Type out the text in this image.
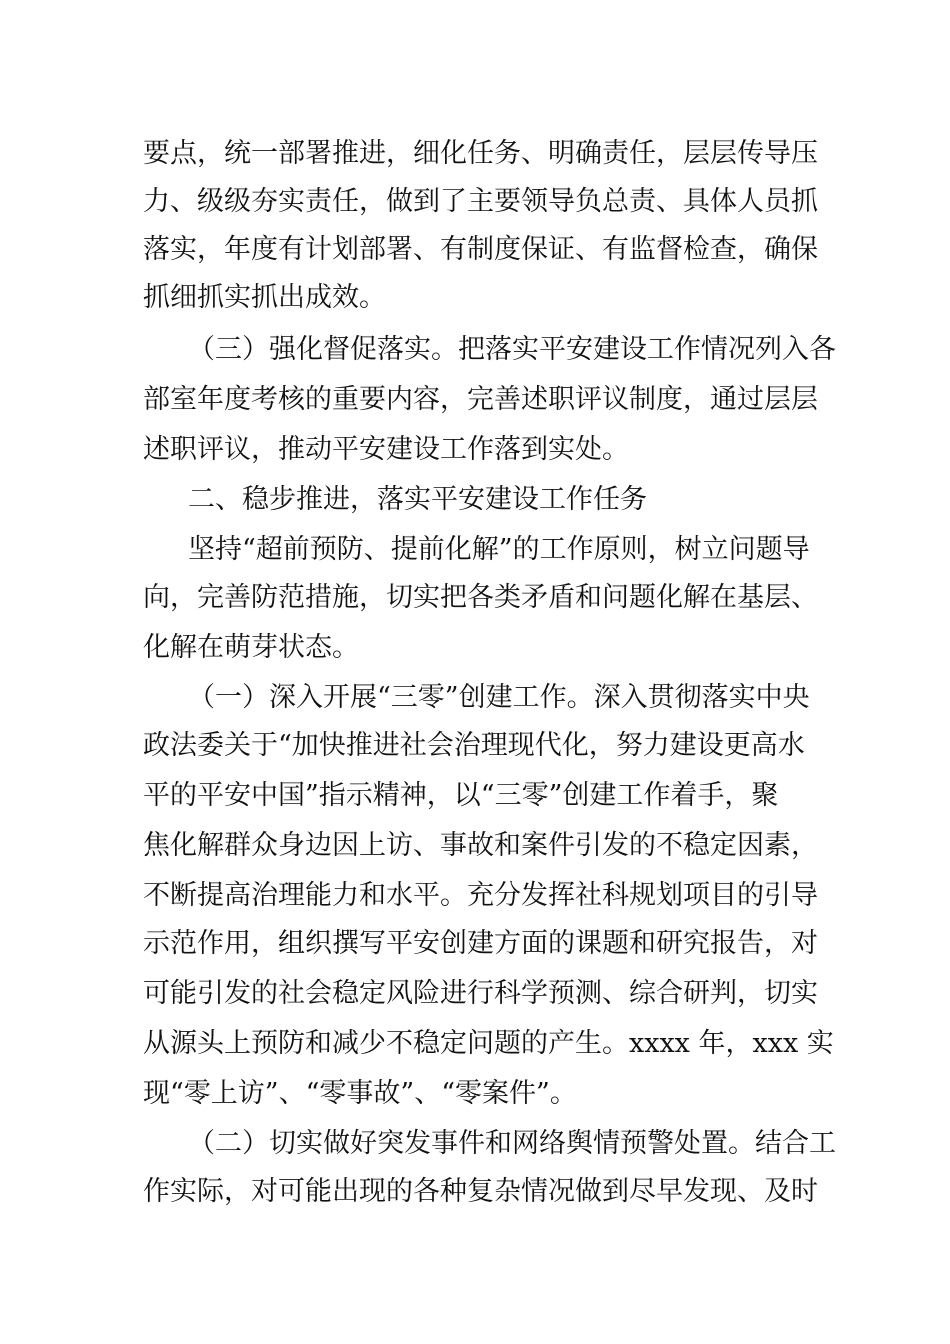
要点，统一部署推进，细化任务、明确责任，层层传导压
力、级级夯实责任，做到了主要领导负总责、具体人员抓
落实，年度有计划部署、有制度保证、有监督检查，确保
抓细抓实抓出成效。
（三）强化督促落实。把落实平安建设工作情况列入各
部室年度考核的重要内容，完善述职评议制度，通过层层
述职评议，推动平安建设工作落到实处。
二、稳步推进，落实平安建设工作任务
坚持“超前预防、提前化解”的工作原则，树立问题导
向，完善防范措施，切实把各类矛盾和问题化解在基层、
化解在萌芽状态。
（一）深入开展“三零”创建工作。深入贯彻落实中央
政法委关于“加快推进社会治理现代化，努力建设更高水
平的平安中国”指示精神，以“三零”创建工作着手，聚
焦化解群众身边因上访、事故和案件引发的不稳定因素，
不断提高治理能力和水平。充分发挥社科规划项目的引导
示范作用，组织撰写平安创建方面的课题和研究报告，对
可能引发的社会稳定风险进行科学预测、综合研判，切实
从源头上预防和减少不稳定问题的产生。xxxx 年，xxx 实
现“零上访”、“零事故”、“零案件”。
（二）切实做好突发事件和网络舆情预警处置。结合工
作实际，对可能出现的各种复杂情况做到尽早发现、及时
